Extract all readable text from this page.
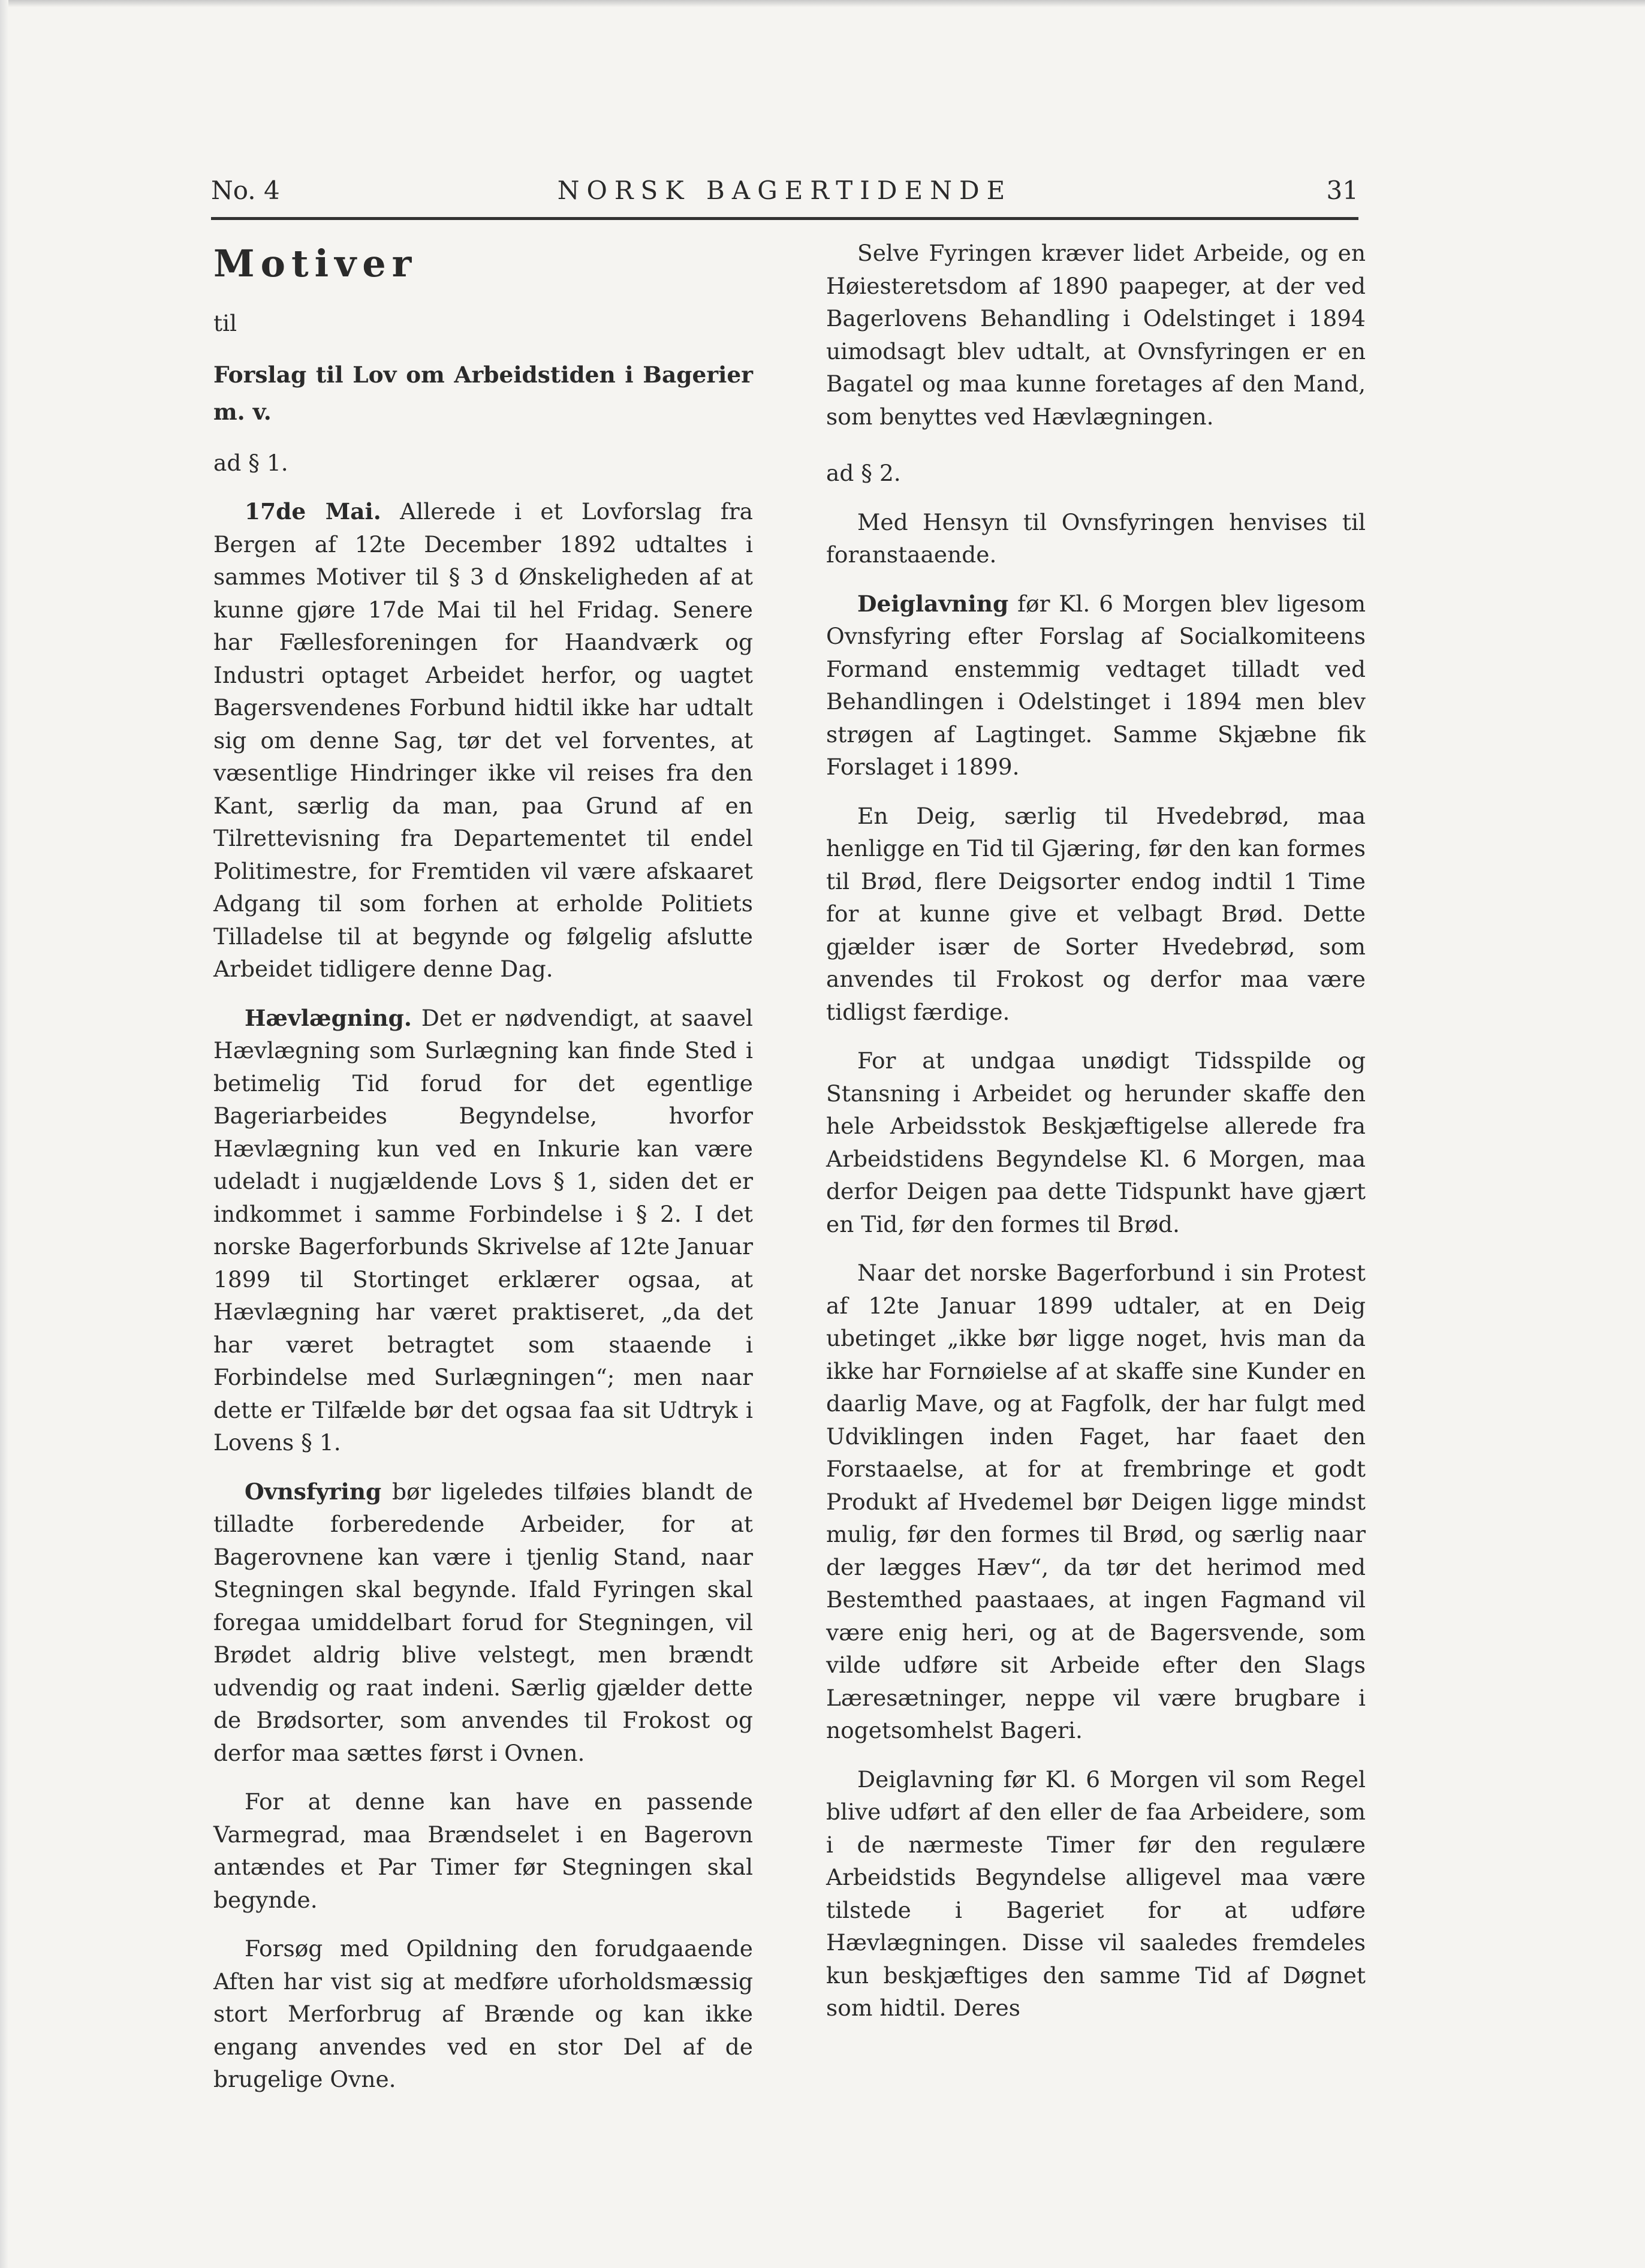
No. 4	NORSK BAGERTIDENDE	31

Motiver

til

Forslag til Lov om Arbeidstiden i Bagerier m. v.

ad § 1.

17de Mai. Allerede i et Lovforslag fra Bergen af 12te December 1892 udtaltes i sammes Motiver til § 3 d Ønskeligheden af at kunne gjøre 17de Mai til hel Fridag. Senere har Fællesforeningen for Haandværk og Industri optaget Arbeidet herfor, og uagtet Bagersvendenes Forbund hidtil ikke har udtalt sig om denne Sag, tør det vel forventes, at væsentlige Hindringer ikke vil reises fra den Kant, særlig da man, paa Grund af en Tilrettevisning fra Departementet til endel Politimestre, for Fremtiden vil være afskaaret Adgang til som forhen at erholde Politiets Tilladelse til at begynde og følgelig afslutte Arbeidet tidligere denne Dag.

Hævlægning. Det er nødvendigt, at saavel Hævlægning som Surlægning kan finde Sted i betimelig Tid forud for det egentlige Bageriarbeides Begyndelse, hvorfor Hævlægning kun ved en Inkurie kan være udeladt i nugjældende Lovs § 1, siden det er indkommet i samme Forbindelse i § 2. I det norske Bagerforbunds Skrivelse af 12te Januar 1899 til Stortinget erklærer ogsaa, at Hævlægning har været praktiseret, „da det har været betragtet som staaende i Forbindelse med Surlægningen“; men naar dette er Tilfælde bør det ogsaa faa sit Udtryk i Lovens § 1.

Ovnsfyring bør ligeledes tilføies blandt de tilladte forberedende Arbeider, for at Bagerovnene kan være i tjenlig Stand, naar Stegningen skal begynde. Ifald Fyringen skal foregaa umiddelbart forud for Stegningen, vil Brødet aldrig blive velstegt, men brændt udvendig og raat indeni. Særlig gjælder dette de Brødsorter, som anvendes til Frokost og derfor maa sættes først i Ovnen.

For at denne kan have en passende Varmegrad, maa Brændselet i en Bagerovn antændes et Par Timer før Stegningen skal begynde.

Forsøg med Opildning den forudgaaende Aften har vist sig at medføre uforholdsmæssig stort Merforbrug af Brænde og kan ikke engang anvendes ved en stor Del af de brugelige Ovne.

Selve Fyringen kræver lidet Arbeide, og en Høiesteretsdom af 1890 paapeger, at der ved Bagerlovens Behandling i Odelstinget i 1894 uimodsagt blev udtalt, at Ovnsfyringen er en Bagatel og maa kunne foretages af den Mand, som benyttes ved Hævlægningen.

ad § 2.

Med Hensyn til Ovnsfyringen henvises til foranstaaende.

Deiglavning før Kl. 6 Morgen blev ligesom Ovnsfyring efter Forslag af Socialkomiteens Formand enstemmig vedtaget tilladt ved Behandlingen i Odelstinget i 1894 men blev strøgen af Lagtinget. Samme Skjæbne fik Forslaget i 1899.

En Deig, særlig til Hvedebrød, maa henligge en Tid til Gjæring, før den kan formes til Brød, flere Deigsorter endog indtil 1 Time for at kunne give et velbagt Brød. Dette gjælder især de Sorter Hvedebrød, som anvendes til Frokost og derfor maa være tidligst færdige.

For at undgaa unødigt Tidsspilde og Stansning i Arbeidet og herunder skaffe den hele Arbeidsstok Beskjæftigelse allerede fra Arbeidstidens Begyndelse Kl. 6 Morgen, maa derfor Deigen paa dette Tidspunkt have gjært en Tid, før den formes til Brød.

Naar det norske Bagerforbund i sin Protest af 12te Januar 1899 udtaler, at en Deig ubetinget „ikke bør ligge noget, hvis man da ikke har Fornøielse af at skaffe sine Kunder en daarlig Mave, og at Fagfolk, der har fulgt med Udviklingen inden Faget, har faaet den Forstaaelse, at for at frembringe et godt Produkt af Hvedemel bør Deigen ligge mindst mulig, før den formes til Brød, og særlig naar der lægges Hæv“, da tør det herimod med Bestemthed paastaaes, at ingen Fagmand vil være enig heri, og at de Bagersvende, som vilde udføre sit Arbeide efter den Slags Læresætninger, neppe vil være brugbare i nogetsomhelst Bageri.

Deiglavning før Kl. 6 Morgen vil som Regel blive udført af den eller de faa Arbeidere, som i de nærmeste Timer før den regulære Arbeidstids Begyndelse alligevel maa være tilstede i Bageriet for at udføre Hævlægningen. Disse vil saaledes fremdeles kun beskjæftiges den samme Tid af Døgnet som hidtil. Deres
